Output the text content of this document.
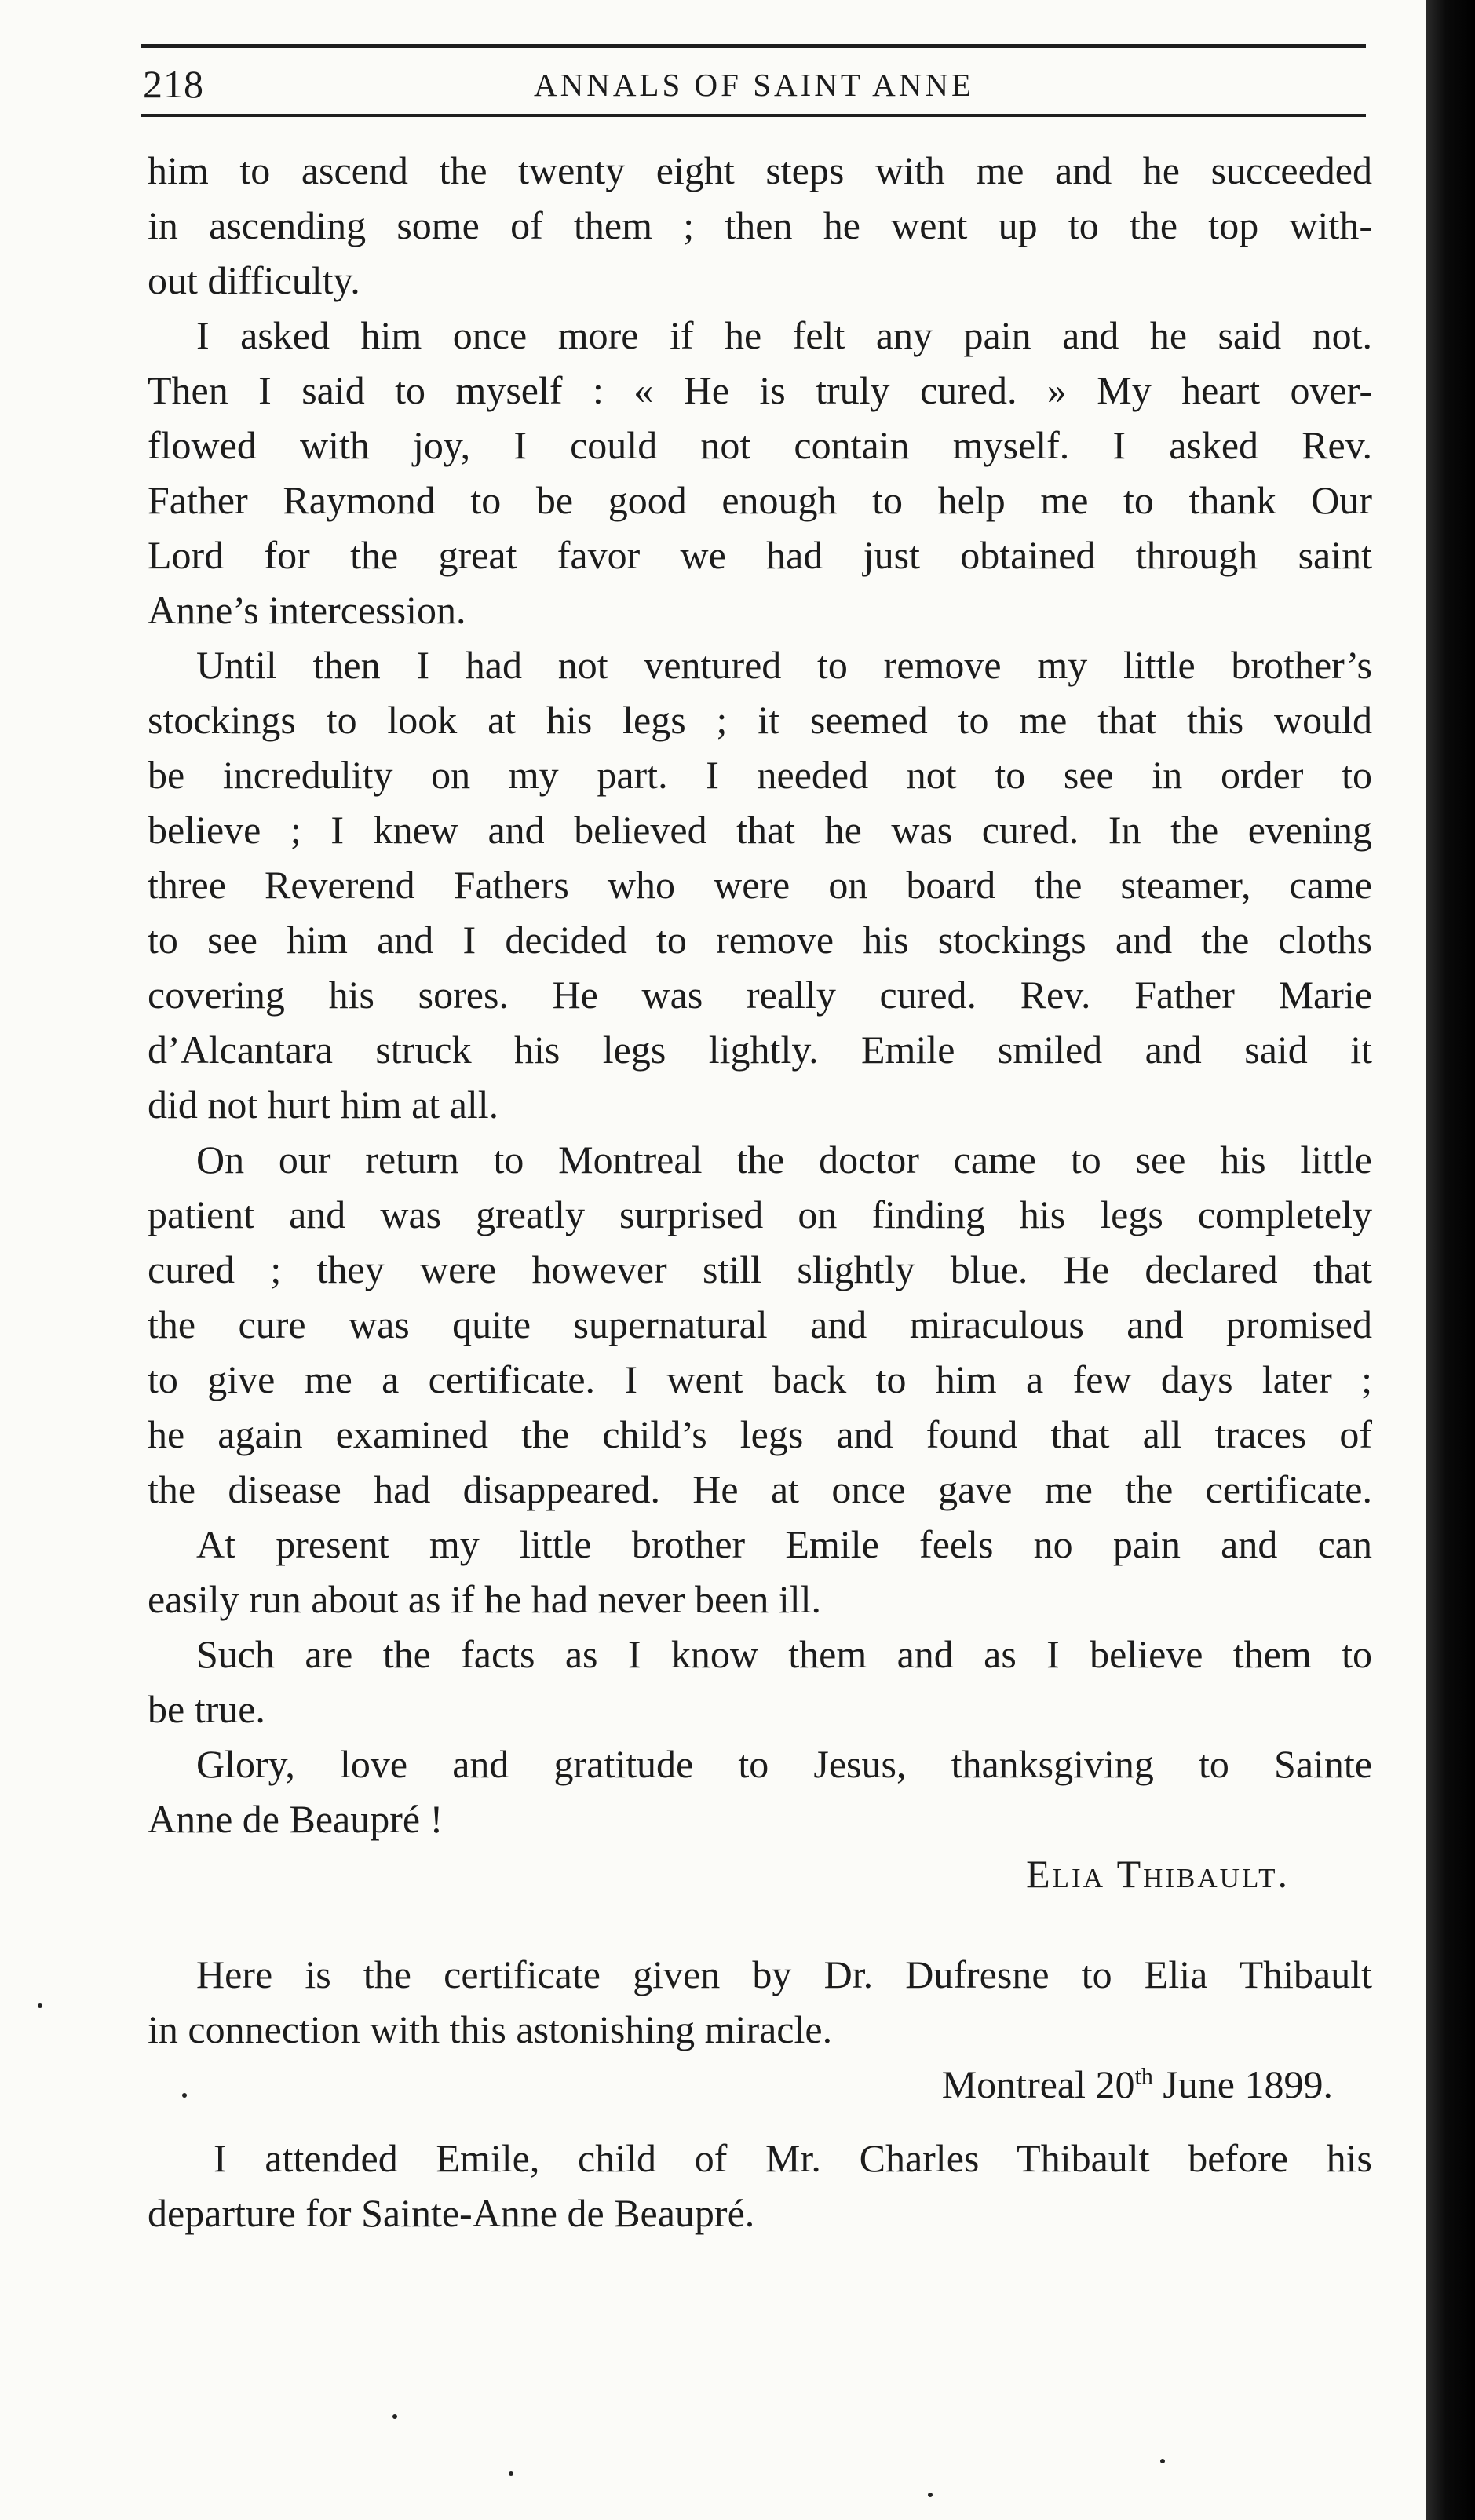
218	ANNALS OF SAINT ANNE
him to ascend the twenty eight steps with me and he succeeded
in ascending some of them ; then he went up to the top with-
out difficulty.
I asked him once more if he felt any pain and he said not.
Then I said to myself : « He is truly cured. » My heart over-
flowed with joy, I could not contain myself. I asked Rev.
Father Raymond to be good enough to help me to thank Our
Lord for the great favor we had just obtained through saint
Anne’s intercession.
Until then I had not ventured to remove my little brother’s
stockings to look at his legs ; it seemed to me that this would
be incredulity on my part. I needed not to see in order to
believe ; I knew and believed that he was cured. In the evening
three Reverend Fathers who were on board the steamer, came
to see him and I decided to remove his stockings and the cloths
covering his sores. He was really cured. Rev. Father Marie
d’Alcantara struck his legs lightly. Emile smiled and said it
did not hurt him at all.
On our return to Montreal the doctor came to see his little
patient and was greatly surprised on finding his legs completely
cured ; they were however still slightly blue. He declared that
the cure was quite supernatural and miraculous and promised
to give me a certificate. I went back to him a few days later ;
he again examined the child’s legs and found that all traces of
the disease had disappeared. He at once gave me the certificate.
At present my little brother Emile feels no pain and can
easily run about as if he had never been ill.
Such are the facts as I know them and as I believe them to
be true.
Glory, love and gratitude to Jesus, thanksgiving to Sainte
Anne de Beaupré !
Elia Thibault.
Here is the certificate given by Dr. Dufresne to Elia Thibault
in connection with this astonishing miracle.
Montreal 20th June 1899.
I attended Emile, child of Mr. Charles Thibault before his
departure for Sainte-Anne de Beaupré.
